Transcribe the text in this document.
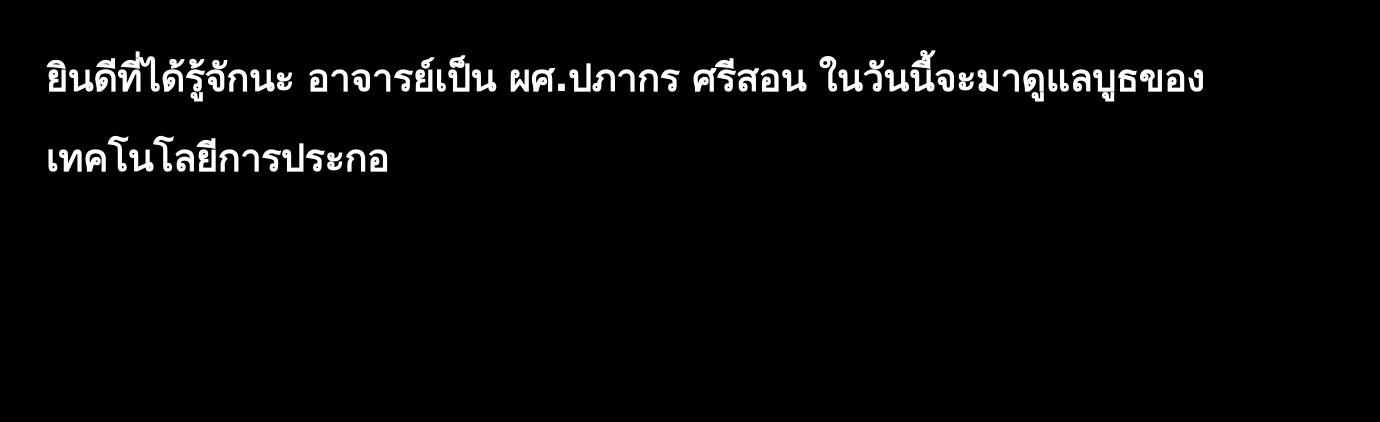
ยินดีที่ได้รู้จักนะ อาจารย์เป็น ผศ.ปภากร ศรีสอน ในวันนี้จะมาดูแลบูธของ
เทคโนโลยีการประกอ
